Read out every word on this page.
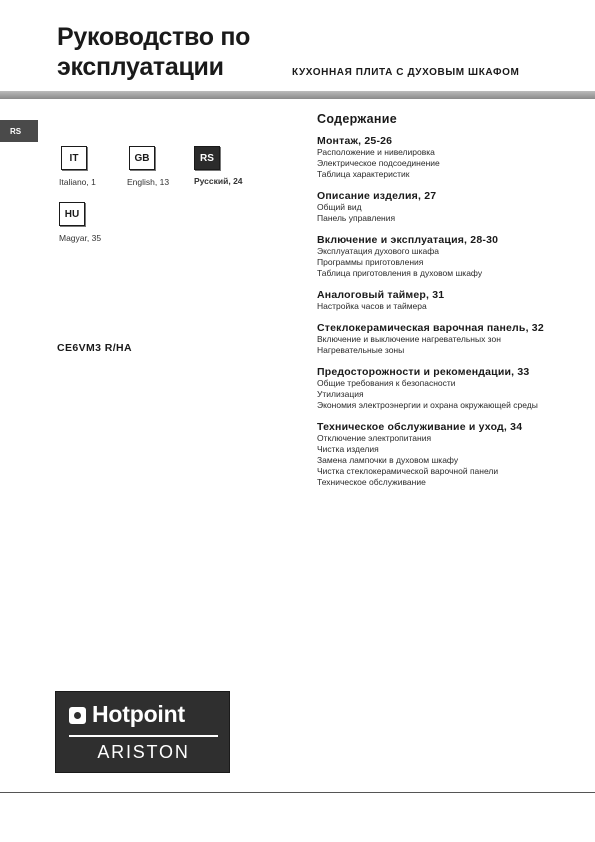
Руководство по
эксплуатации	КУХОННАЯ ПЛИТА С ДУХОВЫМ ШКАФОМ
RS
IT
Italiano, 1
GB
English, 13
RS
Русский, 24
HU
Magyar, 35
CE6VM3 R/HA
Содержание
Монтаж, 25-26
Расположение и нивелировка
Электрическое подсоединение
Таблица характеристик
Описание изделия, 27
Общий вид
Панель управления
Включение и эксплуатация, 28-30
Эксплуатация духового шкафа
Программы приготовления
Таблица приготовления в духовом шкафу
Аналоговый таймер, 31
Настройка часов и таймера
Стеклокерамическая варочная панель, 32
Включение и выключение нагревательных зон
Нагревательные зоны
Предосторожности и рекомендации, 33
Общие требования к безопасности
Утилизация
Экономия электроэнергии и охрана окружающей среды
Техническое обслуживание и уход, 34
Отключение электропитания
Чистка изделия
Замена лампочки в духовом шкафу
Чистка стеклокерамической варочной панели
Техническое обслуживание
Hotpoint
ARISTON
